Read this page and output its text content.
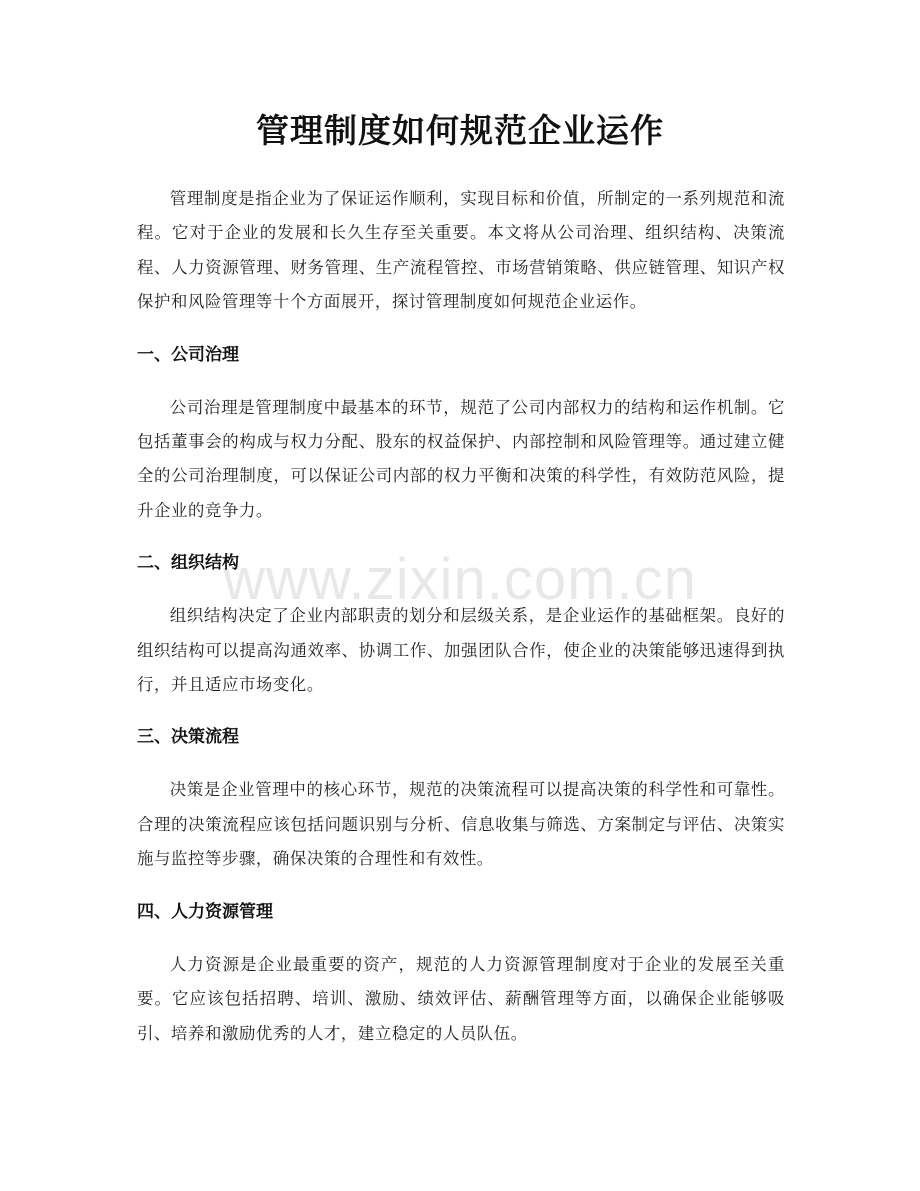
管理制度如何规范企业运作

管理制度是指企业为了保证运作顺利，实现目标和价值，所制定的一系列规范和流程。它对于企业的发展和长久生存至关重要。本文将从公司治理、组织结构、决策流程、人力资源管理、财务管理、生产流程管控、市场营销策略、供应链管理、知识产权保护和风险管理等十个方面展开，探讨管理制度如何规范企业运作。

一、公司治理

公司治理是管理制度中最基本的环节，规范了公司内部权力的结构和运作机制。它包括董事会的构成与权力分配、股东的权益保护、内部控制和风险管理等。通过建立健全的公司治理制度，可以保证公司内部的权力平衡和决策的科学性，有效防范风险，提升企业的竞争力。

二、组织结构

组织结构决定了企业内部职责的划分和层级关系，是企业运作的基础框架。良好的组织结构可以提高沟通效率、协调工作、加强团队合作，使企业的决策能够迅速得到执行，并且适应市场变化。

三、决策流程

决策是企业管理中的核心环节，规范的决策流程可以提高决策的科学性和可靠性。合理的决策流程应该包括问题识别与分析、信息收集与筛选、方案制定与评估、决策实施与监控等步骤，确保决策的合理性和有效性。

四、人力资源管理

人力资源是企业最重要的资产，规范的人力资源管理制度对于企业的发展至关重要。它应该包括招聘、培训、激励、绩效评估、薪酬管理等方面，以确保企业能够吸引、培养和激励优秀的人才，建立稳定的人员队伍。

www.zixin.com.cn
